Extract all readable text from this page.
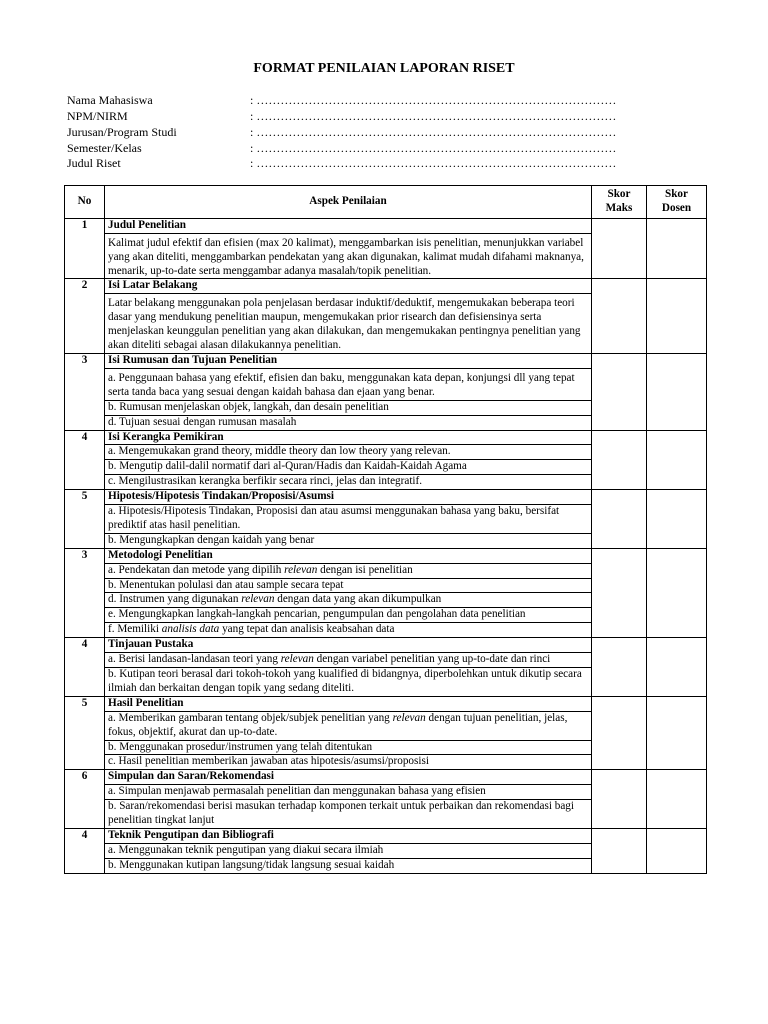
FORMAT PENILAIAN LAPORAN RISET
Nama Mahasiswa	: ………………………………………………………………………………
NPM/NIRM	: ………………………………………………………………………………
Jurusan/Program Studi	: ………………………………………………………………………………
Semester/Kelas	: ………………………………………………………………………………
Judul Riset	: ………………………………………………………………………………
No	Aspek Penilaian	Skor Maks	Skor Dosen
1	Judul Penelitian		
	Kalimat judul efektif dan efisien (max 20 kalimat), menggambarkan isis penelitian, menunjukkan variabel yang akan diteliti, menggambarkan pendekatan yang akan digunakan, kalimat mudah difahami maknanya, menarik, up-to-date serta menggambar adanya masalah/topik penelitian.		
2	Isi Latar Belakang		
	Latar belakang menggunakan pola penjelasan berdasar induktif/deduktif, mengemukakan beberapa teori dasar yang mendukung penelitian maupun, mengemukakan prior risearch dan defisiensinya serta menjelaskan keunggulan penelitian yang akan dilakukan, dan mengemukakan pentingnya penelitian yang akan diteliti sebagai alasan dilakukannya penelitian.		
3	Isi Rumusan dan Tujuan Penelitian		
	a. Penggunaan bahasa yang efektif, efisien dan baku, menggunakan kata depan, konjungsi dll yang tepat serta tanda baca yang sesuai dengan kaidah bahasa dan ejaan yang benar.		
	b. Rumusan menjelaskan objek, langkah, dan desain penelitian		
	d. Tujuan sesuai dengan rumusan masalah		
4	Isi Kerangka Pemikiran		
	a. Mengemukakan grand theory, middle theory dan low theory yang relevan.		
	b. Mengutip dalil-dalil normatif dari al-Quran/Hadis dan Kaidah-Kaidah Agama		
	c. Mengilustrasikan kerangka berfikir secara rinci, jelas dan integratif.		
5	Hipotesis/Hipotesis Tindakan/Proposisi/Asumsi		
	a. Hipotesis/Hipotesis Tindakan, Proposisi dan atau asumsi menggunakan bahasa yang baku, bersifat prediktif atas hasil penelitian.		
	b. Mengungkapkan dengan kaidah yang benar		
3	Metodologi Penelitian		
	a. Pendekatan dan metode yang dipilih relevan dengan isi penelitian		
	b. Menentukan polulasi dan atau sample secara tepat		
	d. Instrumen yang digunakan relevan dengan data yang akan dikumpulkan		
	e. Mengungkapkan langkah-langkah pencarian, pengumpulan dan pengolahan data penelitian		
	f. Memiliki analisis data yang tepat dan analisis keabsahan data		
4	Tinjauan Pustaka		
	a. Berisi landasan-landasan teori yang relevan dengan variabel penelitian yang up-to-date dan rinci		
	b. Kutipan teori berasal dari tokoh-tokoh yang kualified di bidangnya, diperbolehkan untuk dikutip secara ilmiah dan berkaitan dengan topik yang sedang diteliti.		
5	Hasil Penelitian		
	a. Memberikan gambaran tentang objek/subjek penelitian yang relevan dengan tujuan penelitian, jelas, fokus, objektif, akurat dan up-to-date.		
	b. Menggunakan prosedur/instrumen yang telah ditentukan		
	c. Hasil penelitian memberikan jawaban atas hipotesis/asumsi/proposisi		
6	Simpulan dan Saran/Rekomendasi		
	a. Simpulan menjawab permasalah penelitian dan menggunakan bahasa yang efisien		
	b. Saran/rekomendasi berisi masukan terhadap komponen terkait untuk perbaikan dan rekomendasi bagi penelitian tingkat lanjut		
4	Teknik Pengutipan dan Bibliografi		
	a. Menggunakan teknik pengutipan yang diakui secara ilmiah		
	b. Menggunakan kutipan langsung/tidak langsung sesuai kaidah		
